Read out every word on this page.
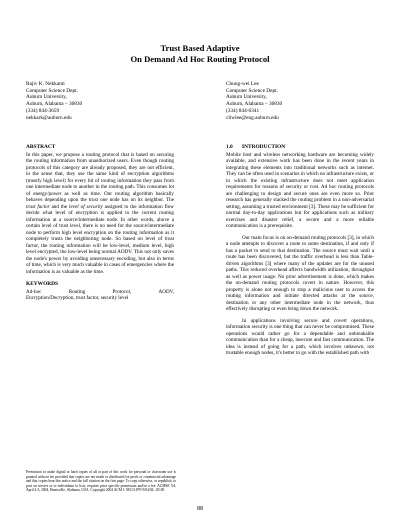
Trust Based Adaptive
On Demand Ad Hoc Routing Protocol
Rajiv K. Nekkanti
Computer Science Dept.
Auburn University,
Auburn, Alabama – 36830
(334) 844-3659
nekkark@auburn.edu
Chung-wei Lee
Computer Science Dept.
Auburn University,
Auburn, Alabama – 36830
(334) 844-6341
cliwlee@eng.auburn.edu
ABSTRACT

In this paper, we propose a routing protocol that is based on securing the routing information from unauthorized users. Even though routing protocols of this category are already proposed, they are not efficient, in the sense that, they use the same kind of encryption algorithms (mostly high level) for every bit of routing information they pass from one intermediate node to another in the routing path. This consumes lot of energy/power as well as time. Our routing algorithm basically behaves depending upon the trust one node has on its neighbor. The trust factor and the level of security assigned to the information flow decide what level of encryption is applied to the current routing information at a source/intermediate node. In other words, above a certain level of trust level, there is no need for the source/intermediate node to perform high level encryption on the routing information as it completely trusts the neighboring node. So based on level of trust factor, the routing information will be low-level, medium level, high level encrypted, the low-level being normal AODV. This not only saves the node's power by avoiding unnecessary encoding, but also in terms of time, which is very much valuable in cases of emergencies where the information is as valuable as the time.

KEYWORDS
Ad-hoc	Routing	Protocol,	AODV,
Encryption/Decryption, trust factor, security level
Permission to make digital or hard copies of all or part of this work for personal or classroom use is granted without fee provided that copies are not made or distributed for profit or commercial advantage and that copies bear this notice and the full citation on the first page. To copy otherwise, or republish, to post on servers or to redistribute to lists, requires prior specific permission and/or a fee. ACMSE '04, April 2-3, 2004, Huntsville, Alabama, USA. Copyright 2004 ACM 1-58113-870-9/04/04...$5.00.
1.0 INTRODUCTION

Mobile host and wireless networking hardware are becoming widely available, and extensive work has been done in the recent years in integrating these elements into traditional networks such as internet. They can be often used in scenarios in which no infrastructure exists, or in which the existing infrastructure does not meet application requirements for reasons of security or cost. Ad hoc routing protocols are challenging to design and secure ones are even more so. Prior research has generally stacked the routing problem in a non-adversarial setting, assuming a trusted environment [3]. These may be sufficient for normal day-to-day applications but for applications such as military exercises and disaster relief, a secure and a more reliable communication is a prerequisite.

Our main focus is on on-demand routing protocols [3], in which a node attempts to discover a route to some destination, if and only if has a packet to send to that destination. The source must wait until a route has been discovered, but the traffic overhead is less than Table-driven algorithms [3] where many of the updates are for the unused paths. This reduced overhead affects bandwidth utilization, throughput as well as power usage. No prior advertisement is done, which makes the on-demand routing protocols covert in nature. However, this property is alone not enough to stop a malicious user to access the routing information and initiate directed attacks at the source, destination or any other intermediate node in the network, thus effectively disrupting or even bring down the network.

In applications involving secure and covert operations, information security is one thing that can never be compromised. These operations would rather go for a dependable and unbreakable communication than for a cheap, insecure and fast communication. The idea is instead of going for a path, which involves unknown, not trustable enough nodes, it's better to go with the established path with

88
